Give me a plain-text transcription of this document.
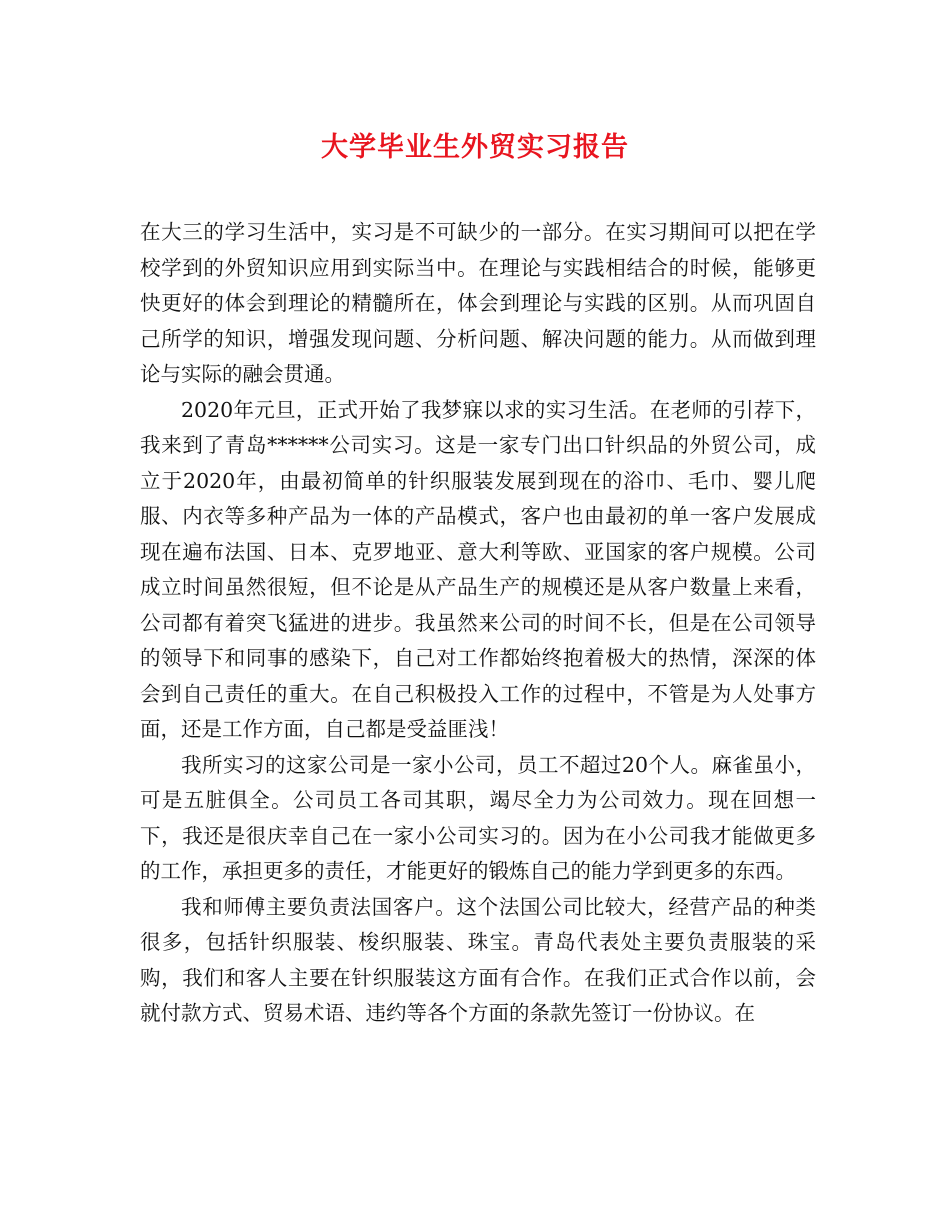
大学毕业生外贸实习报告

在大三的学习生活中，实习是不可缺少的一部分。在实习期间可以把在学校学到的外贸知识应用到实际当中。在理论与实践相结合的时候，能够更快更好的体会到理论的精髓所在，体会到理论与实践的区别。从而巩固自己所学的知识，增强发现问题、分析问题、解决问题的能力。从而做到理论与实际的融会贯通。

2020年元旦，正式开始了我梦寐以求的实习生活。在老师的引荐下，我来到了青岛******公司实习。这是一家专门出口针织品的外贸公司，成立于2020年，由最初简单的针织服装发展到现在的浴巾、毛巾、婴儿爬服、内衣等多种产品为一体的产品模式，客户也由最初的单一客户发展成现在遍布法国、日本、克罗地亚、意大利等欧、亚国家的客户规模。公司成立时间虽然很短，但不论是从产品生产的规模还是从客户数量上来看，公司都有着突飞猛进的进步。我虽然来公司的时间不长，但是在公司领导的领导下和同事的感染下，自己对工作都始终抱着极大的热情，深深的体会到自己责任的重大。在自己积极投入工作的过程中，不管是为人处事方面，还是工作方面，自己都是受益匪浅！

我所实习的这家公司是一家小公司，员工不超过20个人。麻雀虽小，可是五脏俱全。公司员工各司其职，竭尽全力为公司效力。现在回想一下，我还是很庆幸自己在一家小公司实习的。因为在小公司我才能做更多的工作，承担更多的责任，才能更好的锻炼自己的能力学到更多的东西。

我和师傅主要负责法国客户。这个法国公司比较大，经营产品的种类很多，包括针织服装、梭织服装、珠宝。青岛代表处主要负责服装的采购，我们和客人主要在针织服装这方面有合作。在我们正式合作以前，会就付款方式、贸易术语、违约等各个方面的条款先签订一份协议。在
